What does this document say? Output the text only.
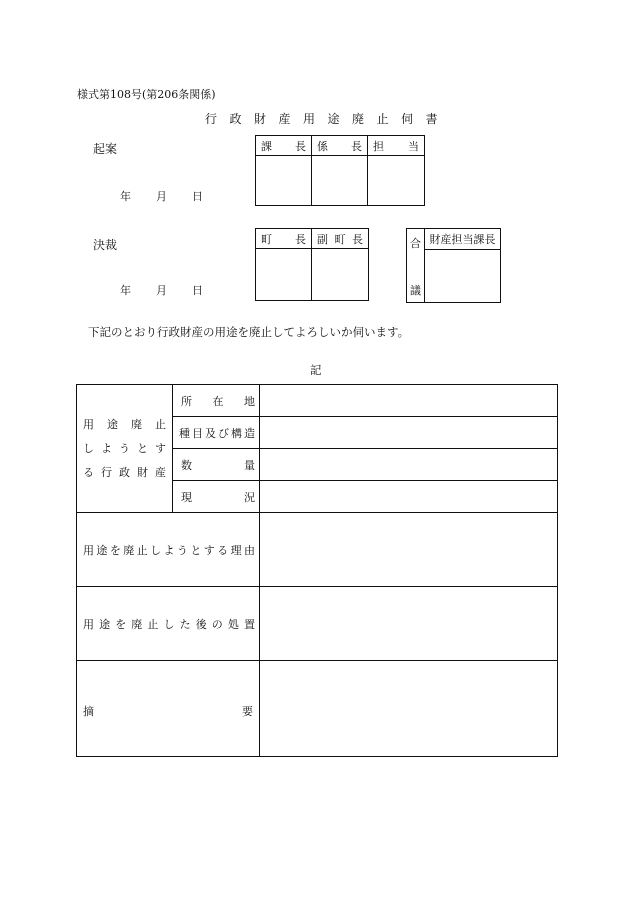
様式第108号(第206条関係)
行政財産用途廃止伺書
起案
年 月 日
課　長	係　長	担　当

決裁
年 月 日
町　長	副町長

		合
議
	財産担当課長

下記のとおり行政財産の用途を廃止してよろしいか伺います。
記
用 途 廃 止
し よ う と す
る 行 政 財 産	所在地	

	種目及び構造	

	数量	

	現況	

用途を廃止しようとする理由		

用途を廃止した後の処置		

摘 要		
